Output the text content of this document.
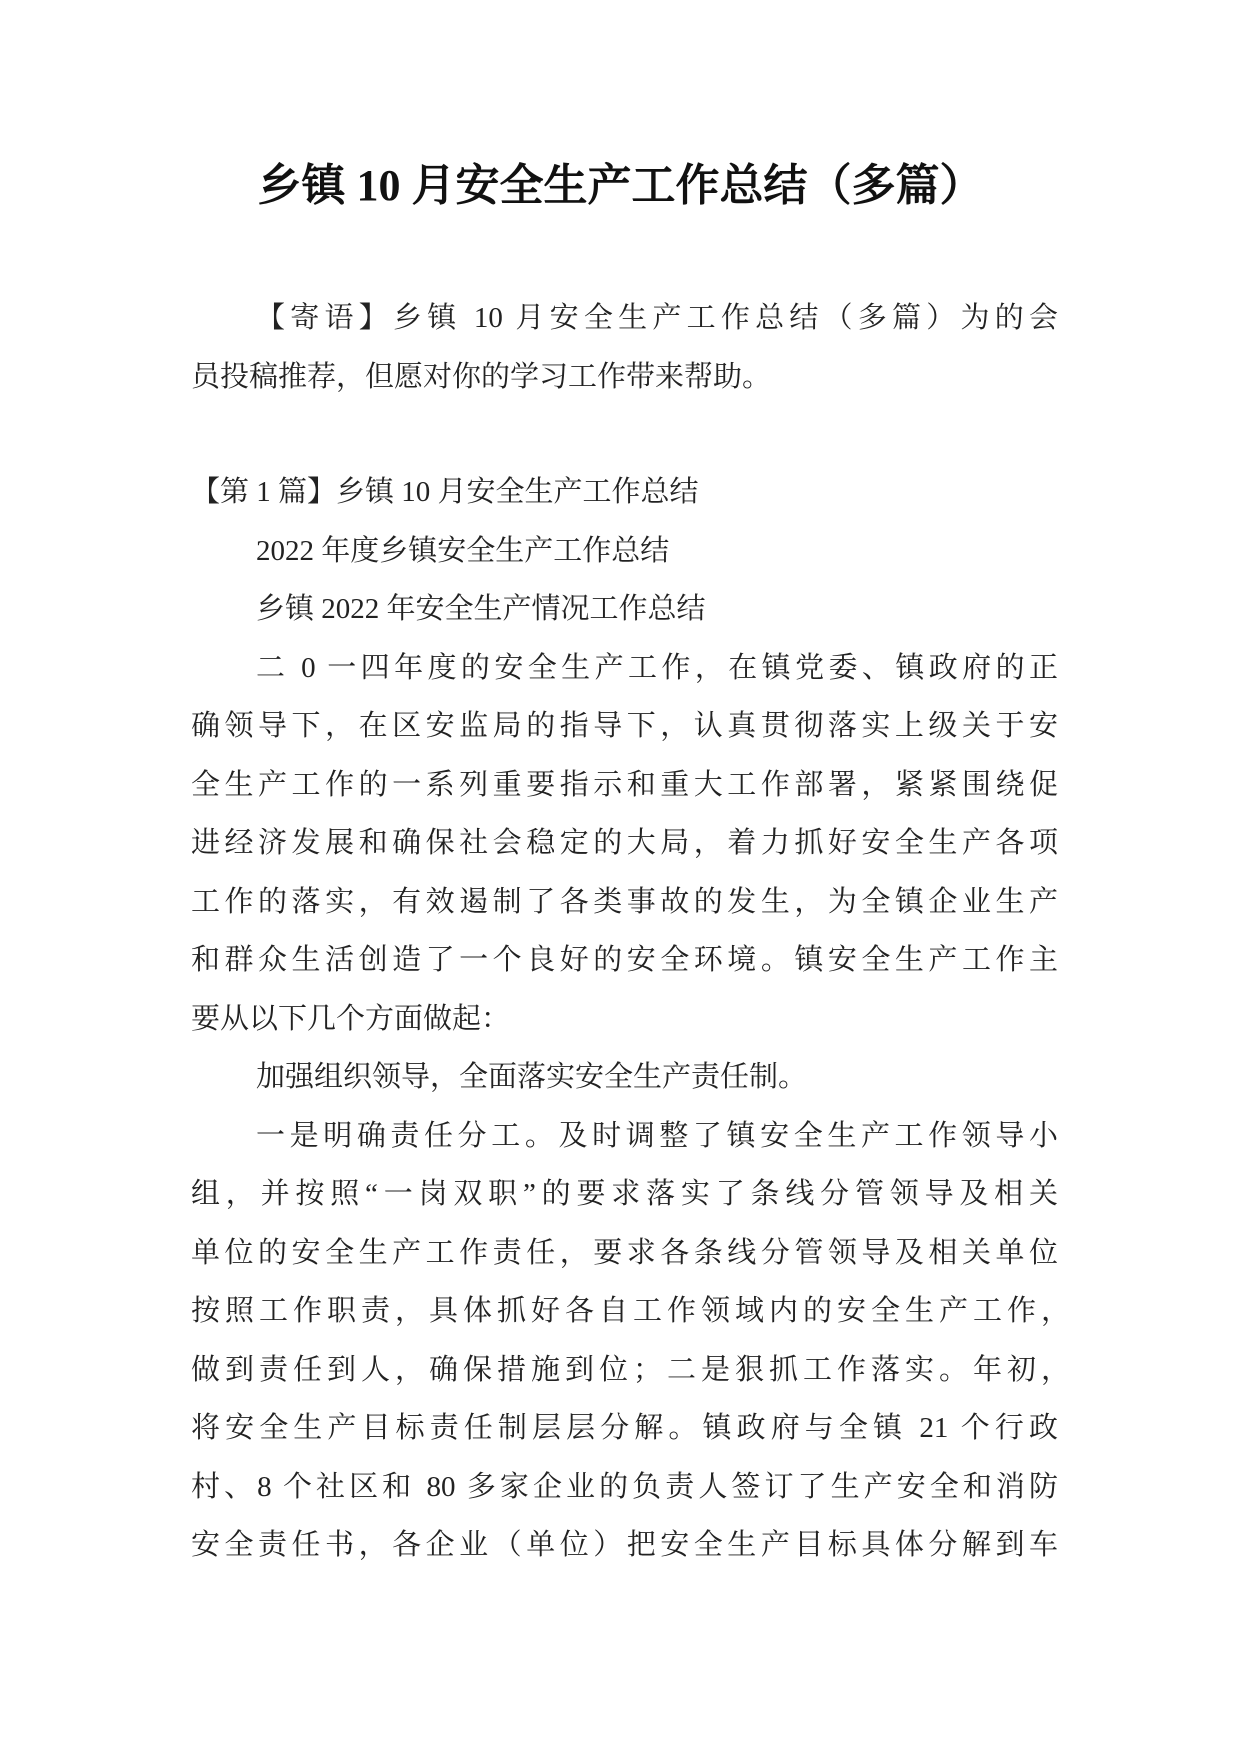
乡镇 10 月安全生产工作总结（多篇）
【寄语】乡镇 10 月安全生产工作总结（多篇）为的会
员投稿推荐，但愿对你的学习工作带来帮助。
【第 1 篇】乡镇 10 月安全生产工作总结
2022 年度乡镇安全生产工作总结
乡镇 2022 年安全生产情况工作总结
二 0 一四年度的安全生产工作，在镇党委、镇政府的正
确领导下，在区安监局的指导下，认真贯彻落实上级关于安
全生产工作的一系列重要指示和重大工作部署，紧紧围绕促
进经济发展和确保社会稳定的大局，着力抓好安全生产各项
工作的落实，有效遏制了各类事故的发生，为全镇企业生产
和群众生活创造了一个良好的安全环境。镇安全生产工作主
要从以下几个方面做起：
加强组织领导，全面落实安全生产责任制。
一是明确责任分工。及时调整了镇安全生产工作领导小
组，并按照“一岗双职”的要求落实了条线分管领导及相关
单位的安全生产工作责任，要求各条线分管领导及相关单位
按照工作职责，具体抓好各自工作领域内的安全生产工作，
做到责任到人，确保措施到位；二是狠抓工作落实。年初，
将安全生产目标责任制层层分解。镇政府与全镇 21 个行政
村、8 个社区和 80 多家企业的负责人签订了生产安全和消防
安全责任书，各企业（单位）把安全生产目标具体分解到车
